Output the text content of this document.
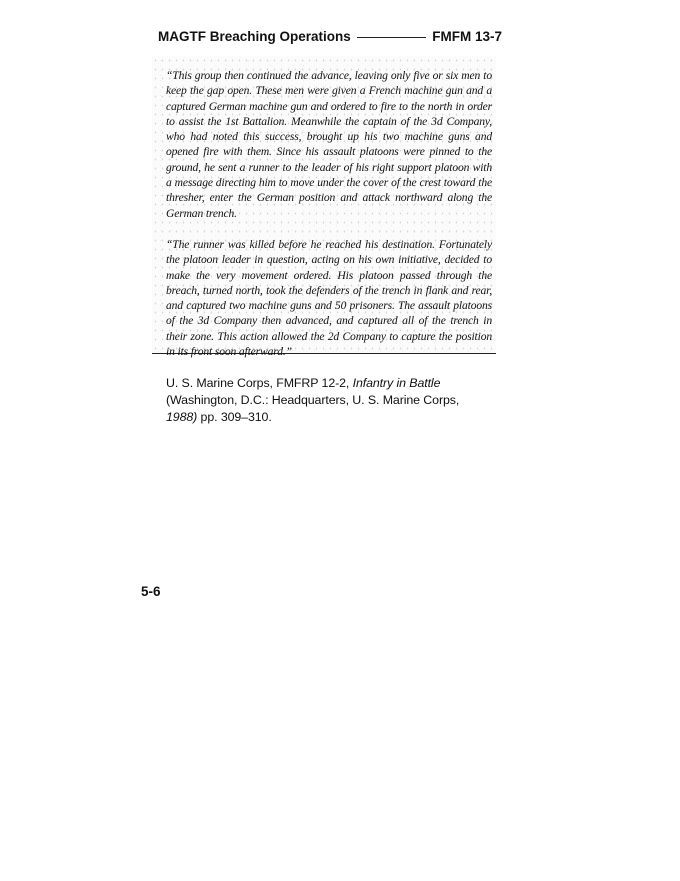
MAGTF Breaching Operations	FMFM 13-7

“This group then continued the advance, leaving only five or six men to keep the gap open. These men were given a French machine gun and a captured German machine gun and ordered to fire to the north in order to assist the 1st Battalion. Meanwhile the captain of the 3d Company, who had noted this success, brought up his two machine guns and opened fire with them. Since his assault platoons were pinned to the ground, he sent a runner to the leader of his right support platoon with a message directing him to move under the cover of the crest toward the thresher, enter the German position and attack northward along the German trench.

“The runner was killed before he reached his destination. Fortunately the platoon leader in question, acting on his own initiative, decided to make the very movement ordered. His platoon passed through the breach, turned north, took the defenders of the trench in flank and rear, and captured two machine guns and 50 prisoners. The assault platoons of the 3d Company then advanced, and captured all of the trench in their zone. This action allowed the 2d Company to capture the position in its front soon afterward.”

U. S. Marine Corps, FMFRP 12-2, Infantry in Battle (Washington, D.C.: Headquarters, U. S. Marine Corps, 1988) pp. 309–310.

5-6
